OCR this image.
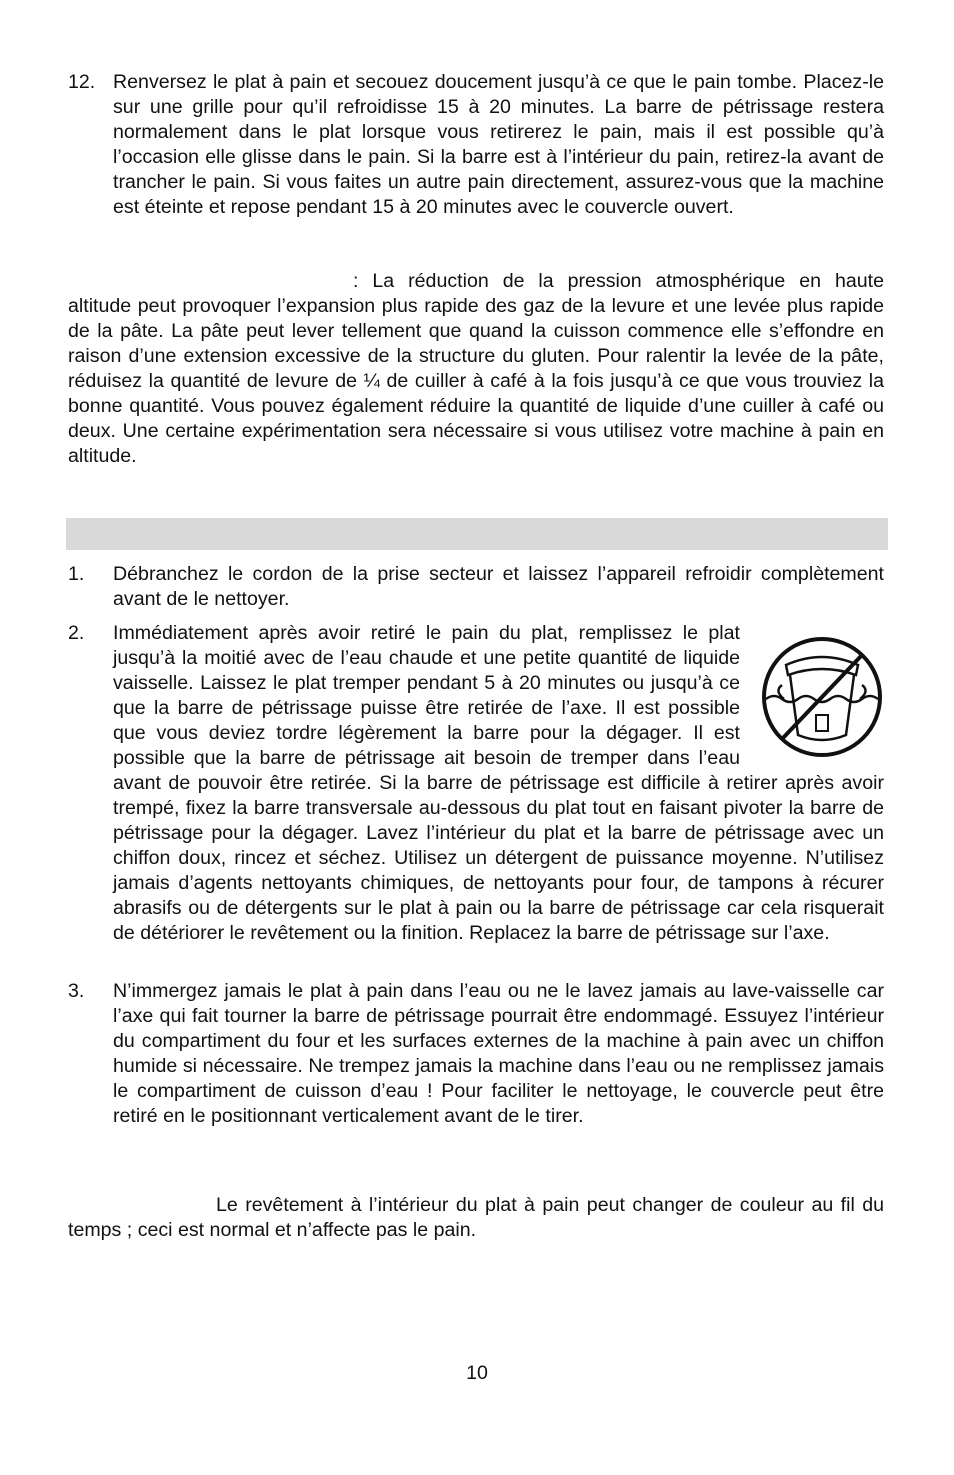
12. Renversez le plat à pain et secouez doucement jusqu’à ce que le pain tombe. Placez-le sur une grille pour qu’il refroidisse 15 à 20 minutes. La barre de pétrissage restera normalement dans le plat lorsque vous retirerez le pain, mais il est possible qu’à l’occasion elle glisse dans le pain. Si la barre est à l’intérieur du pain, retirez-la avant de trancher le pain. Si vous faites un autre pain directement, assurez-vous que la machine est éteinte et repose pendant 15 à 20 minutes avec le couvercle ouvert.
: La réduction de la pression atmosphérique en haute altitude peut provoquer l’expansion plus rapide des gaz de la levure et une levée plus rapide de la pâte. La pâte peut lever tellement que quand la cuisson commence elle s’effondre en raison d’une extension excessive de la structure du gluten. Pour ralentir la levée de la pâte, réduisez la quantité de levure de ¼ de cuiller à café à la fois jusqu’à ce que vous trouviez la bonne quantité. Vous pouvez également réduire la quantité de liquide d’une cuiller à café ou deux. Une certaine expérimentation sera nécessaire si vous utilisez votre machine à pain en altitude.
1. Débranchez le cordon de la prise secteur et laissez l’appareil refroidir complètement avant de le nettoyer.
2. Immédiatement après avoir retiré le pain du plat, remplissez le plat jusqu’à la moitié avec de l’eau chaude et une petite quantité de liquide vaisselle. Laissez le plat tremper pendant 5 à 20 minutes ou jusqu’à ce que la barre de pétrissage puisse être retirée de l’axe. Il est possible que vous deviez tordre légèrement la barre pour la dégager. Il est possible que la barre de pétrissage ait besoin de tremper dans l’eau avant de pouvoir être retirée. Si la barre de pétrissage est difficile à retirer après avoir trempé, fixez la barre transversale au-dessous du plat tout en faisant pivoter la barre de pétrissage pour la dégager. Lavez l’intérieur du plat et la barre de pétrissage avec un chiffon doux, rincez et séchez. Utilisez un détergent de puissance moyenne. N’utilisez jamais d’agents nettoyants chimiques, de nettoyants pour four, de tampons à récurer abrasifs ou de détergents sur le plat à pain ou la barre de pétrissage car cela risquerait de détériorer le revêtement ou la finition. Replacez la barre de pétrissage sur l’axe.
3. N’immergez jamais le plat à pain dans l’eau ou ne le lavez jamais au lave-vaisselle car l’axe qui fait tourner la barre de pétrissage pourrait être endommagé. Essuyez l’intérieur du compartiment du four et les surfaces externes de la machine à pain avec un chiffon humide si nécessaire. Ne trempez jamais la machine dans l’eau ou ne remplissez jamais le compartiment de cuisson d’eau ! Pour faciliter le nettoyage, le couvercle peut être retiré en le positionnant verticalement avant de le tirer.
Le revêtement à l’intérieur du plat à pain peut changer de couleur au fil du temps ; ceci est normal et n’affecte pas le pain.
10
